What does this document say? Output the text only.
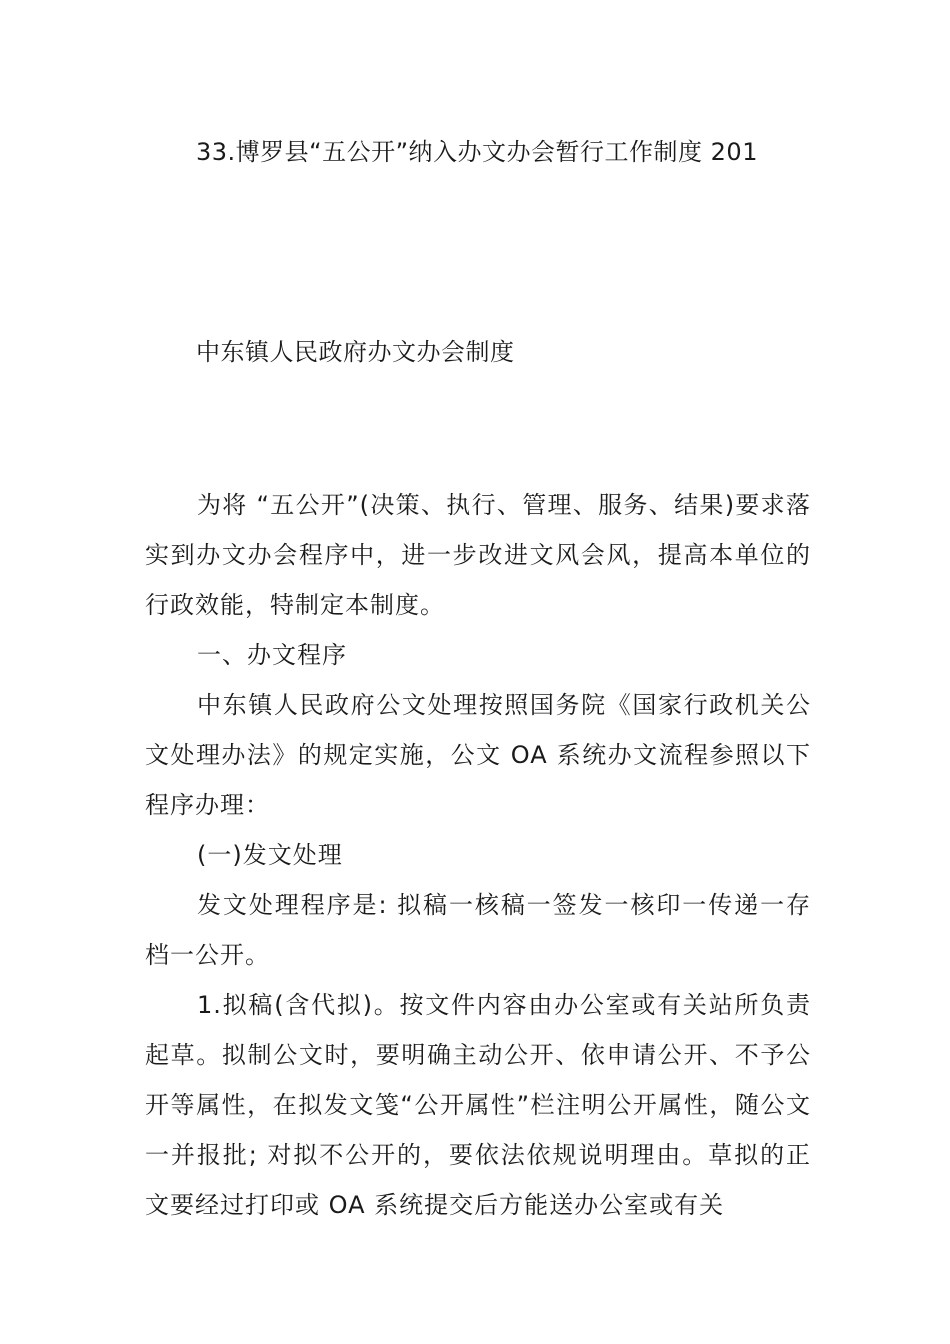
33.博罗县“五公开”纳入办文办会暂行工作制度 201
中东镇人民政府办文办会制度

为将 “五公开”(决策、执行、管理、服务、结果)要求落实到办文办会程序中，进一步改进文风会风，提高本单位的行政效能，特制定本制度。

一、办文程序

中东镇人民政府公文处理按照国务院《国家行政机关公文处理办法》的规定实施，公文 OA 系统办文流程参照以下程序办理：

(一)发文处理

发文处理程序是: 拟稿一核稿一签发一核印一传递一存档一公开。

1.拟稿(含代拟)。按文件内容由办公室或有关站所负责起草。拟制公文时，要明确主动公开、依申请公开、不予公开等属性，在拟发文笺“公开属性”栏注明公开属性，随公文一并报批; 对拟不公开的，要依法依规说明理由。草拟的正文要经过打印或 OA 系统提交后方能送办公室或有关
